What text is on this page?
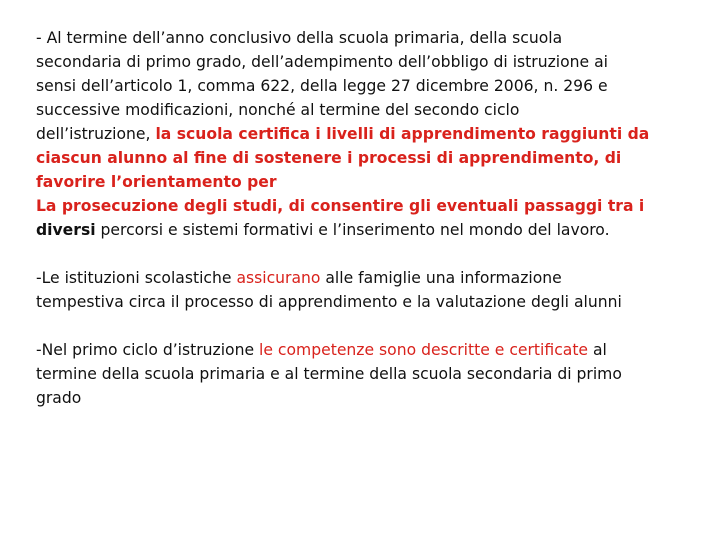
- Al termine dell’anno conclusivo della scuola primaria, della scuola
secondaria di primo grado, dell’adempimento dell’obbligo di istruzione ai
sensi dell’articolo 1, comma 622, della legge 27 dicembre 2006, n. 296 e
successive modificazioni, nonché al termine del secondo ciclo
dell’istruzione, la scuola certifica i livelli di apprendimento raggiunti da
ciascun alunno al fine di sostenere i processi di apprendimento, di
favorire l’orientamento per
La prosecuzione degli studi, di consentire gli eventuali passaggi tra i
diversi percorsi e sistemi formativi e l’inserimento nel mondo del lavoro.

-Le istituzioni scolastiche assicurano alle famiglie una informazione
tempestiva circa il processo di apprendimento e la valutazione degli alunni

-Nel primo ciclo d’istruzione le competenze sono descritte e certificate al
termine della scuola primaria e al termine della scuola secondaria di primo
grado
